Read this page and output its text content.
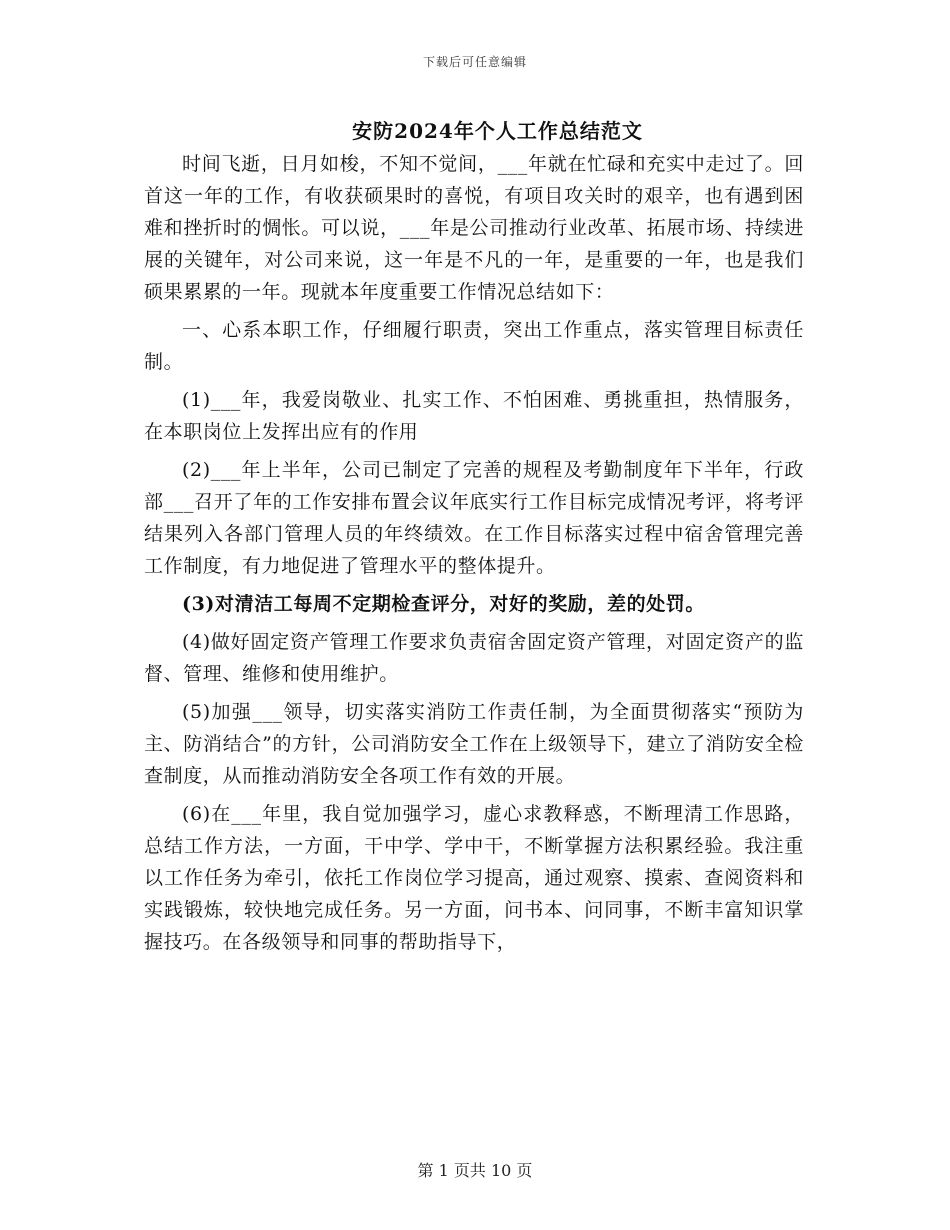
下载后可任意编辑
安防2024年个人工作总结范文

时间飞逝，日月如梭，不知不觉间，___年就在忙碌和充实中走过了。回首这一年的工作，有收获硕果时的喜悦，有项目攻关时的艰辛，也有遇到困难和挫折时的惆怅。可以说，___年是公司推动行业改革、拓展市场、持续进展的关键年，对公司来说，这一年是不凡的一年，是重要的一年，也是我们硕果累累的一年。现就本年度重要工作情况总结如下：

一、心系本职工作，仔细履行职责，突出工作重点，落实管理目标责任制。

(1)___年，我爱岗敬业、扎实工作、不怕困难、勇挑重担，热情服务，在本职岗位上发挥出应有的作用

(2)___年上半年，公司已制定了完善的规程及考勤制度年下半年，行政部___召开了年的工作安排布置会议年底实行工作目标完成情况考评，将考评结果列入各部门管理人员的年终绩效。在工作目标落实过程中宿舍管理完善工作制度，有力地促进了管理水平的整体提升。

(3)对清洁工每周不定期检查评分，对好的奖励，差的处罚。

(4)做好固定资产管理工作要求负责宿舍固定资产管理，对固定资产的监督、管理、维修和使用维护。

(5)加强___领导，切实落实消防工作责任制，为全面贯彻落实“预防为主、防消结合”的方针，公司消防安全工作在上级领导下，建立了消防安全检查制度，从而推动消防安全各项工作有效的开展。

(6)在___年里，我自觉加强学习，虚心求教释惑，不断理清工作思路，总结工作方法，一方面，干中学、学中干，不断掌握方法积累经验。我注重以工作任务为牵引，依托工作岗位学习提高，通过观察、摸索、查阅资料和实践锻炼，较快地完成任务。另一方面，问书本、问同事，不断丰富知识掌握技巧。在各级领导和同事的帮助指导下，

第 1 页共 10 页
